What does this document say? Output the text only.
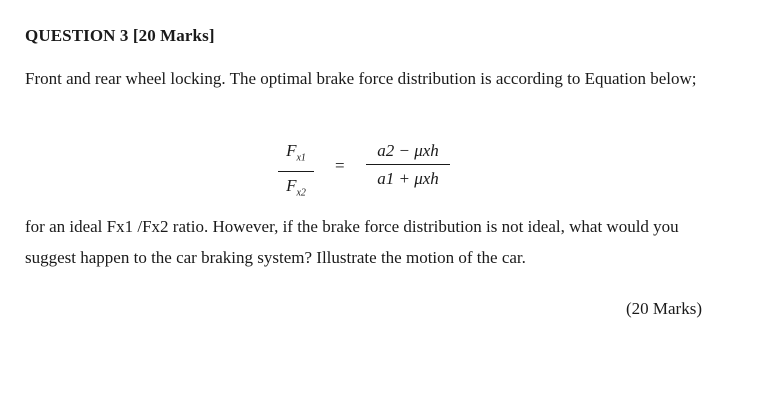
QUESTION 3 [20 Marks]
Front and rear wheel locking. The optimal brake force distribution is according to Equation below;
$F_{x1}$
$F_{x2}$
=
a2 − μxh
a1 + μxh
for an ideal Fx1 /Fx2 ratio. However, if the brake force distribution is not ideal, what would you suggest happen to the car braking system? Illustrate the motion of the car.
(20 Marks)
